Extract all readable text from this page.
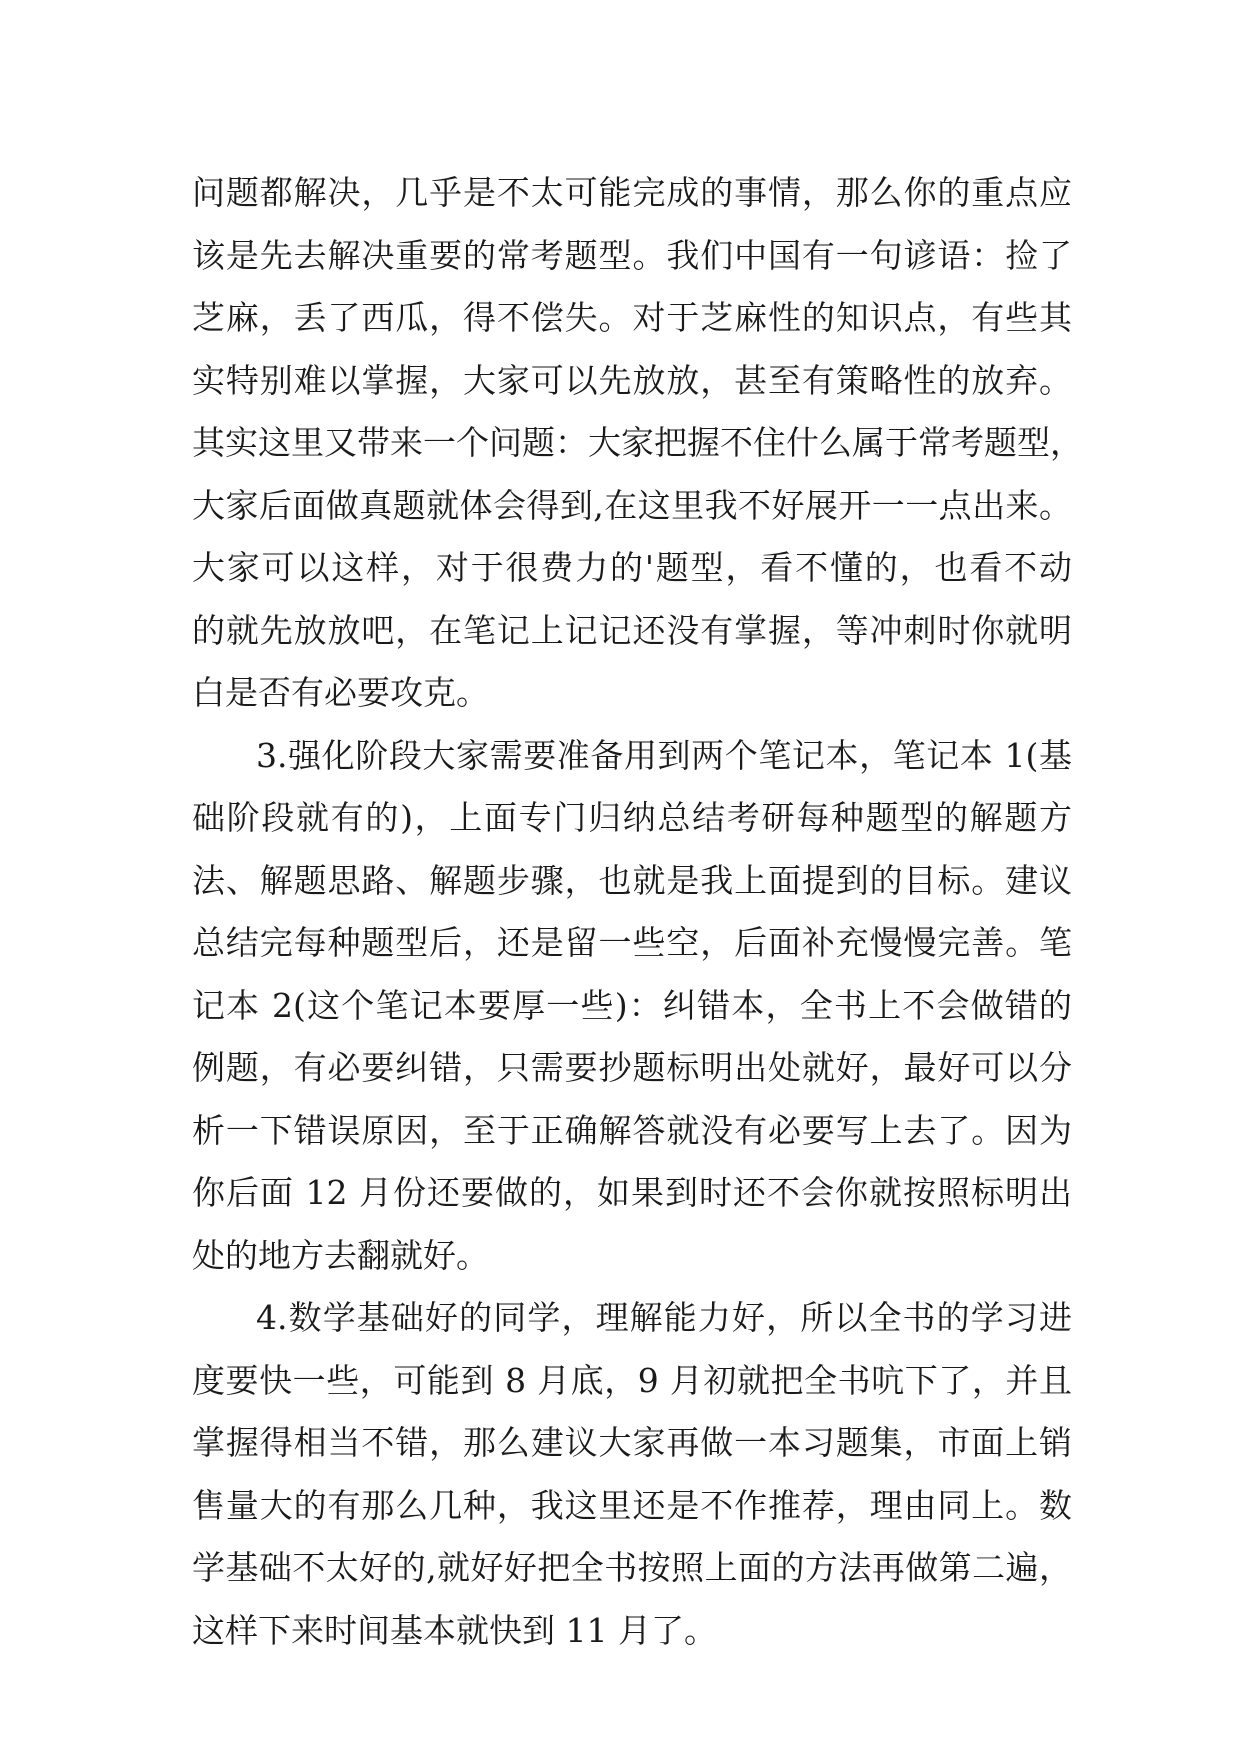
问题都解决，几乎是不太可能完成的事情，那么你的重点应
该是先去解决重要的常考题型。我们中国有一句谚语：捡了
芝麻，丢了西瓜，得不偿失。对于芝麻性的知识点，有些其
实特别难以掌握，大家可以先放放，甚至有策略性的放弃。
其实这里又带来一个问题：大家把握不住什么属于常考题型，
大家后面做真题就体会得到,在这里我不好展开一一点出来。
大家可以这样，对于很费力的'题型，看不懂的，也看不动
的就先放放吧，在笔记上记记还没有掌握，等冲刺时你就明
白是否有必要攻克。
3.强化阶段大家需要准备用到两个笔记本，笔记本 1(基
础阶段就有的)，上面专门归纳总结考研每种题型的解题方
法、解题思路、解题步骤，也就是我上面提到的目标。建议
总结完每种题型后，还是留一些空，后面补充慢慢完善。笔
记本 2(这个笔记本要厚一些)：纠错本，全书上不会做错的
例题，有必要纠错，只需要抄题标明出处就好，最好可以分
析一下错误原因，至于正确解答就没有必要写上去了。因为
你后面 12 月份还要做的，如果到时还不会你就按照标明出
处的地方去翻就好。
4.数学基础好的同学，理解能力好，所以全书的学习进
度要快一些，可能到 8 月底，9 月初就把全书吭下了，并且
掌握得相当不错，那么建议大家再做一本习题集，市面上销
售量大的有那么几种，我这里还是不作推荐，理由同上。数
学基础不太好的,就好好把全书按照上面的方法再做第二遍，
这样下来时间基本就快到 11 月了。
